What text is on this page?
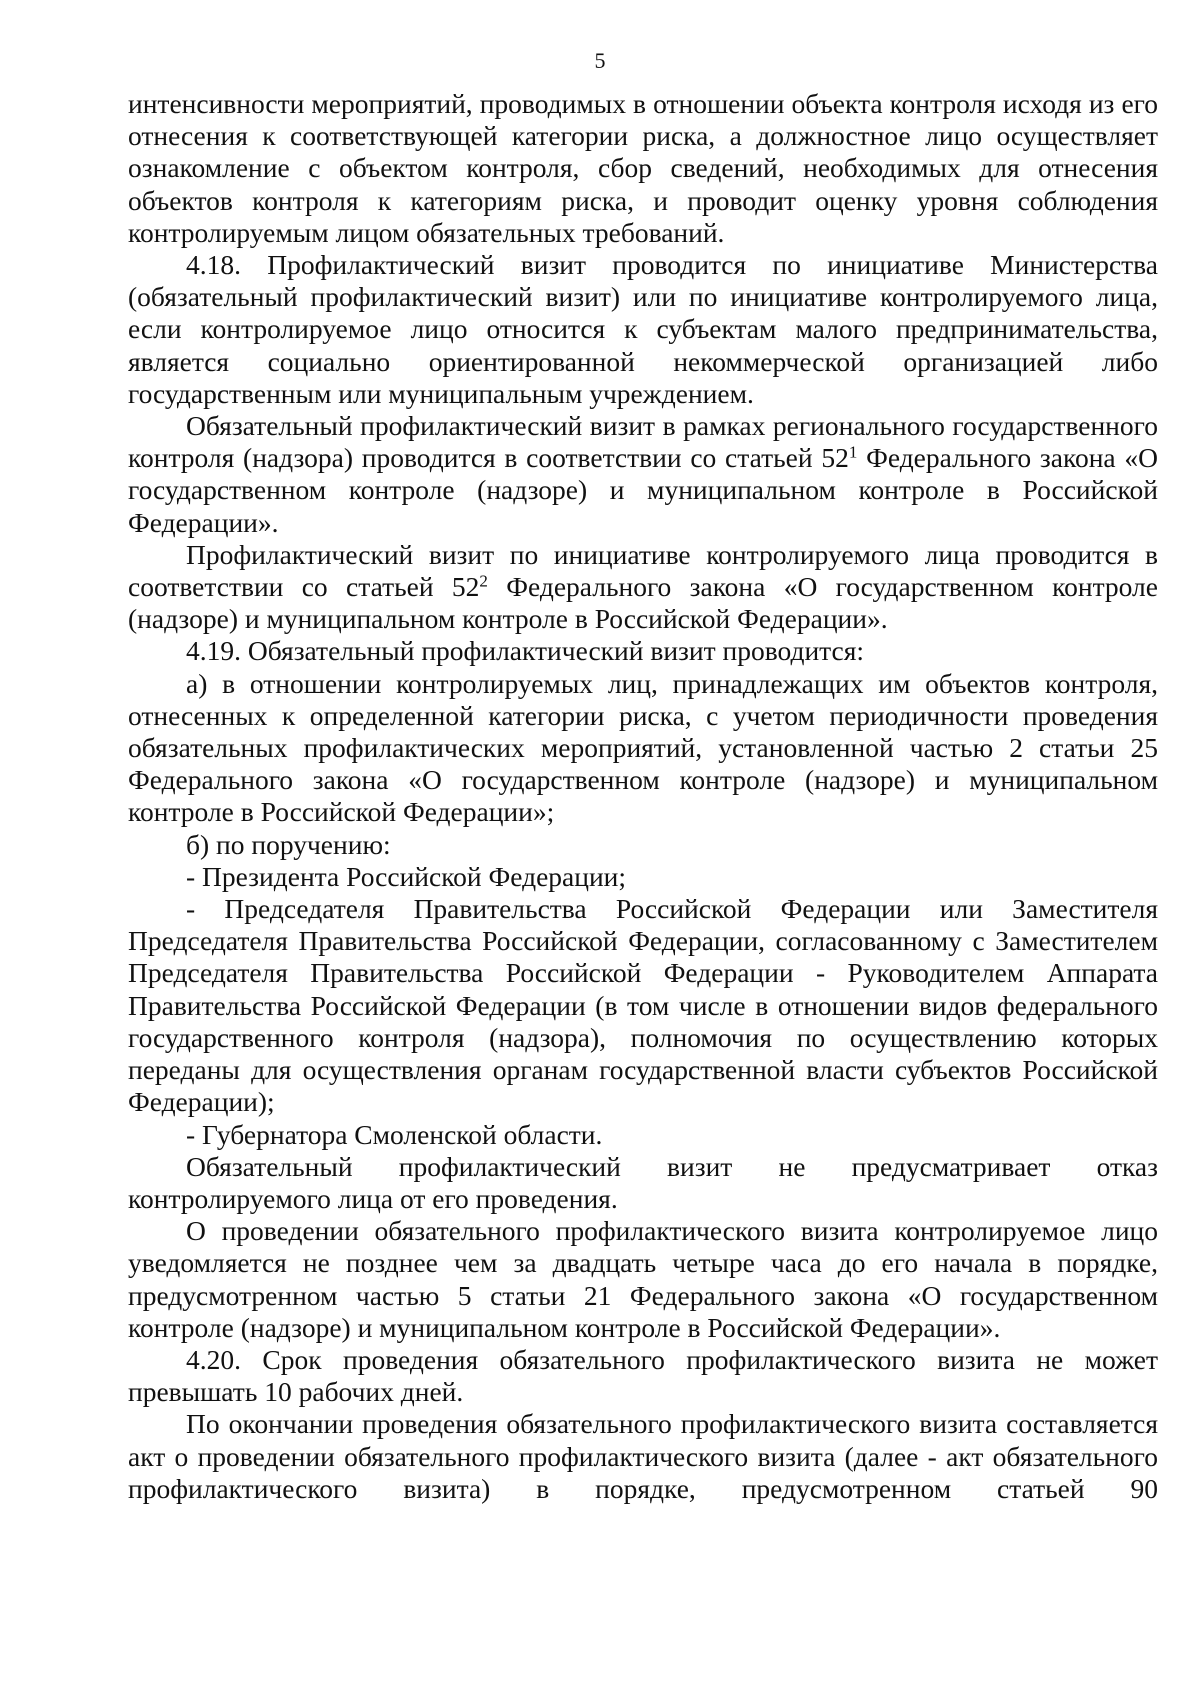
5

интенсивности мероприятий, проводимых в отношении объекта контроля исходя из его отнесения к соответствующей категории риска, а должностное лицо осуществляет ознакомление с объектом контроля, сбор сведений, необходимых для отнесения объектов контроля к категориям риска, и проводит оценку уровня соблюдения контролируемым лицом обязательных требований.

4.18. Профилактический визит проводится по инициативе Министерства (обязательный профилактический визит) или по инициативе контролируемого лица, если контролируемое лицо относится к субъектам малого предпринимательства, является социально ориентированной некоммерческой организацией либо государственным или муниципальным учреждением.

Обязательный профилактический визит в рамках регионального государственного контроля (надзора) проводится в соответствии со статьей $52^1$ Федерального закона «О государственном контроле (надзоре) и муниципальном контроле в Российской Федерации».

Профилактический визит по инициативе контролируемого лица проводится в соответствии со статьей $52^2$ Федерального закона «О государственном контроле (надзоре) и муниципальном контроле в Российской Федерации».

4.19. Обязательный профилактический визит проводится:

а) в отношении контролируемых лиц, принадлежащих им объектов контроля, отнесенных к определенной категории риска, с учетом периодичности проведения обязательных профилактических мероприятий, установленной частью 2 статьи 25 Федерального закона «О государственном контроле (надзоре) и муниципальном контроле в Российской Федерации»;

б) по поручению:

- Президента Российской Федерации;

- Председателя Правительства Российской Федерации или Заместителя Председателя Правительства Российской Федерации, согласованному с Заместителем Председателя Правительства Российской Федерации - Руководителем Аппарата Правительства Российской Федерации (в том числе в отношении видов федерального государственного контроля (надзора), полномочия по осуществлению которых переданы для осуществления органам государственной власти субъектов Российской Федерации);

- Губернатора Смоленской области.

Обязательный профилактический визит не предусматривает отказ контролируемого лица от его проведения.

О проведении обязательного профилактического визита контролируемое лицо уведомляется не позднее чем за двадцать четыре часа до его начала в порядке, предусмотренном частью 5 статьи 21 Федерального закона «О государственном контроле (надзоре) и муниципальном контроле в Российской Федерации».

4.20. Срок проведения обязательного профилактического визита не может превышать 10 рабочих дней.

По окончании проведения обязательного профилактического визита составляется акт о проведении обязательного профилактического визита (далее - акт обязательного профилактического визита) в порядке, предусмотренном статьей 90
